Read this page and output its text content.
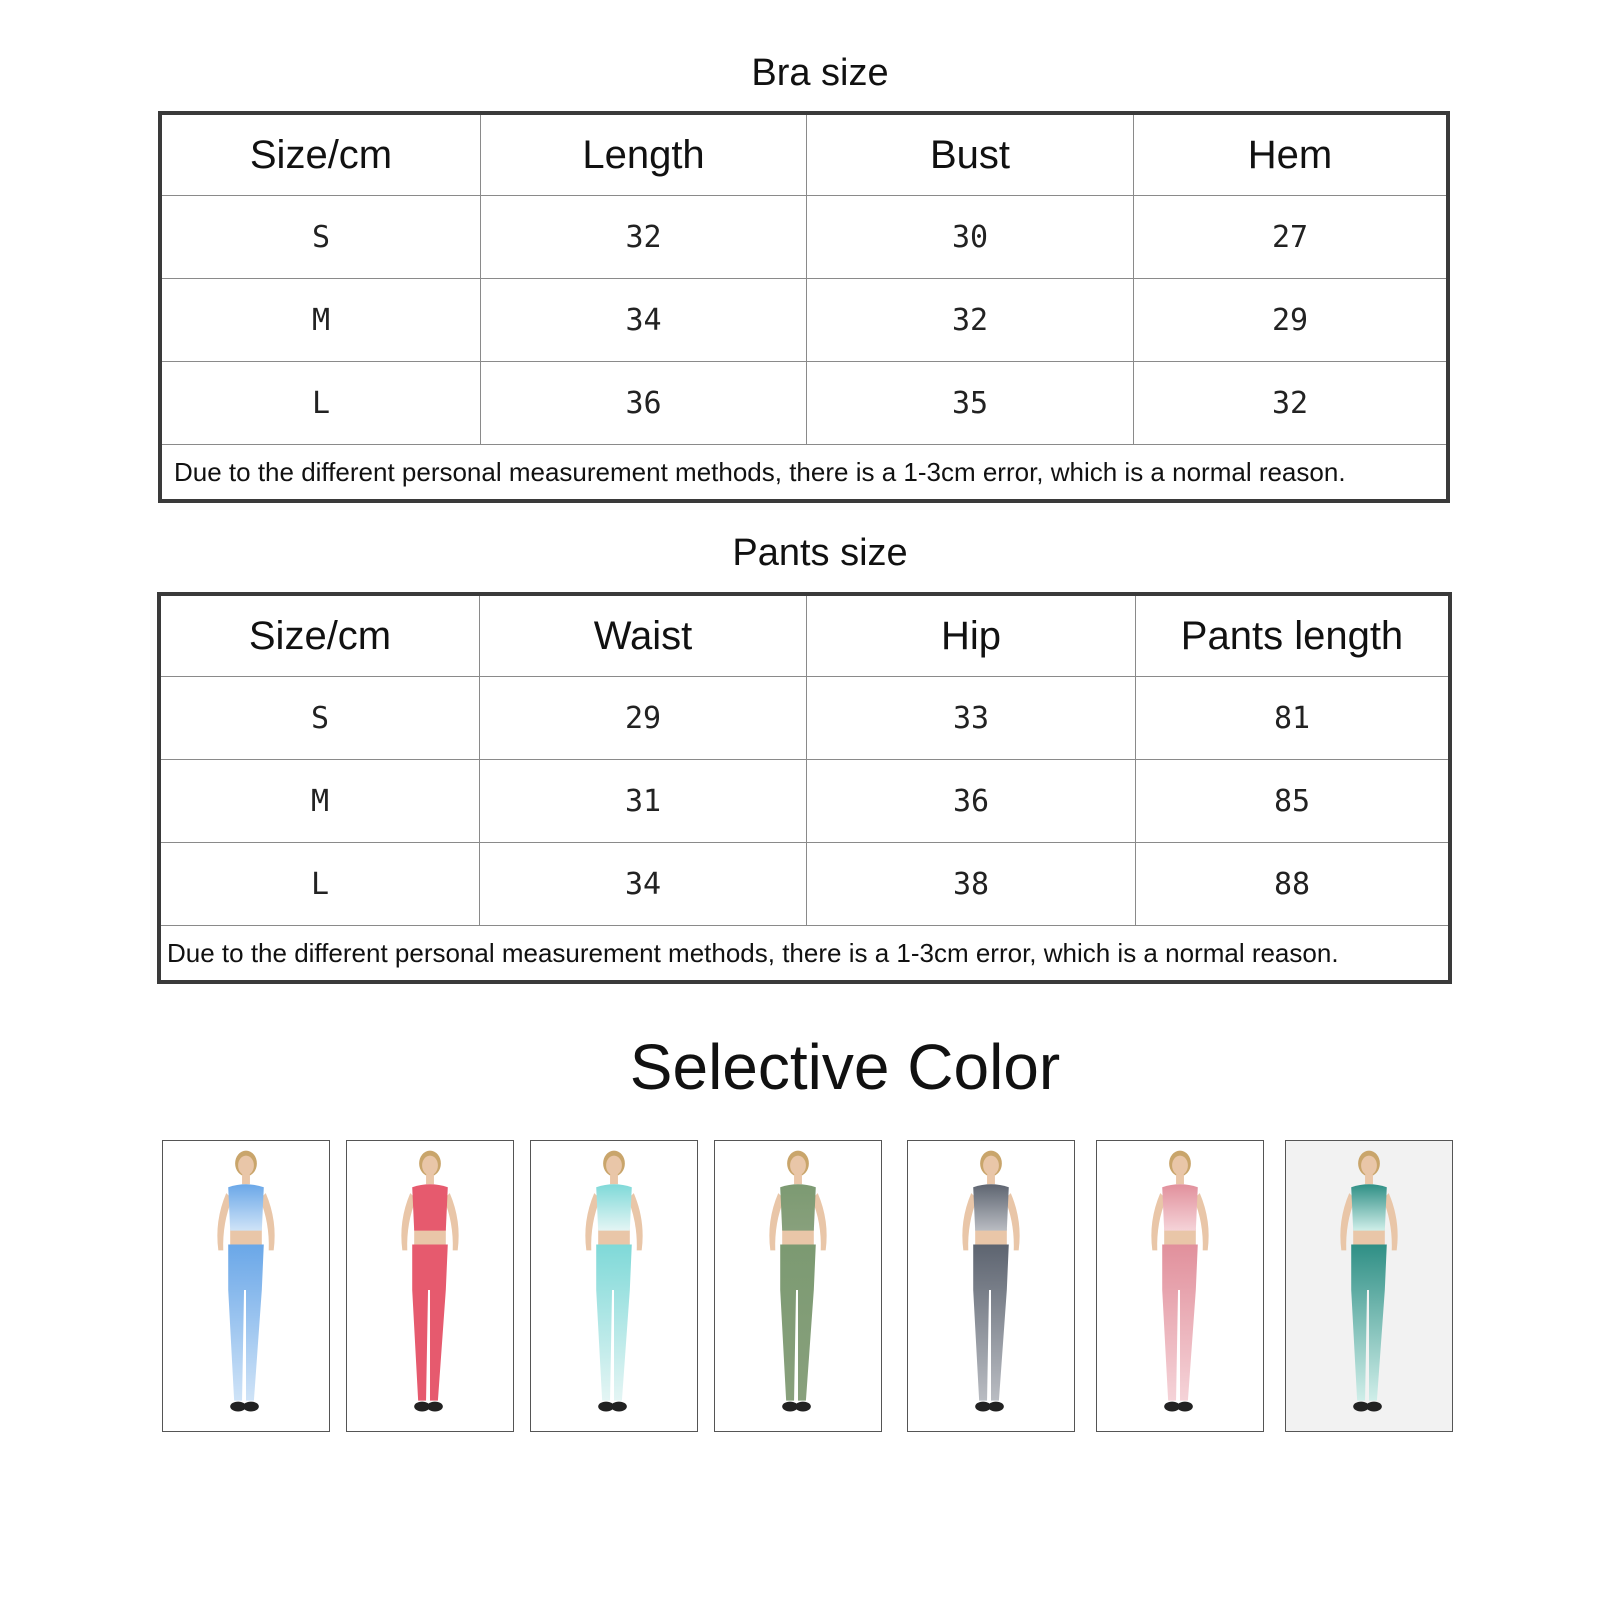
Bra size
Size/cm	Length	Bust	Hem
S	32	30	27
M	34	32	29
L	36	35	32
Due to the different personal measurement methods, there is a 1-3cm error, which is a normal reason.			
Pants size
Size/cm	Waist	Hip	Pants length
S	29	33	81
M	31	36	85
L	34	38	88
Due to the different personal measurement methods, there is a 1-3cm error, which is a normal reason.			
Selective Color
